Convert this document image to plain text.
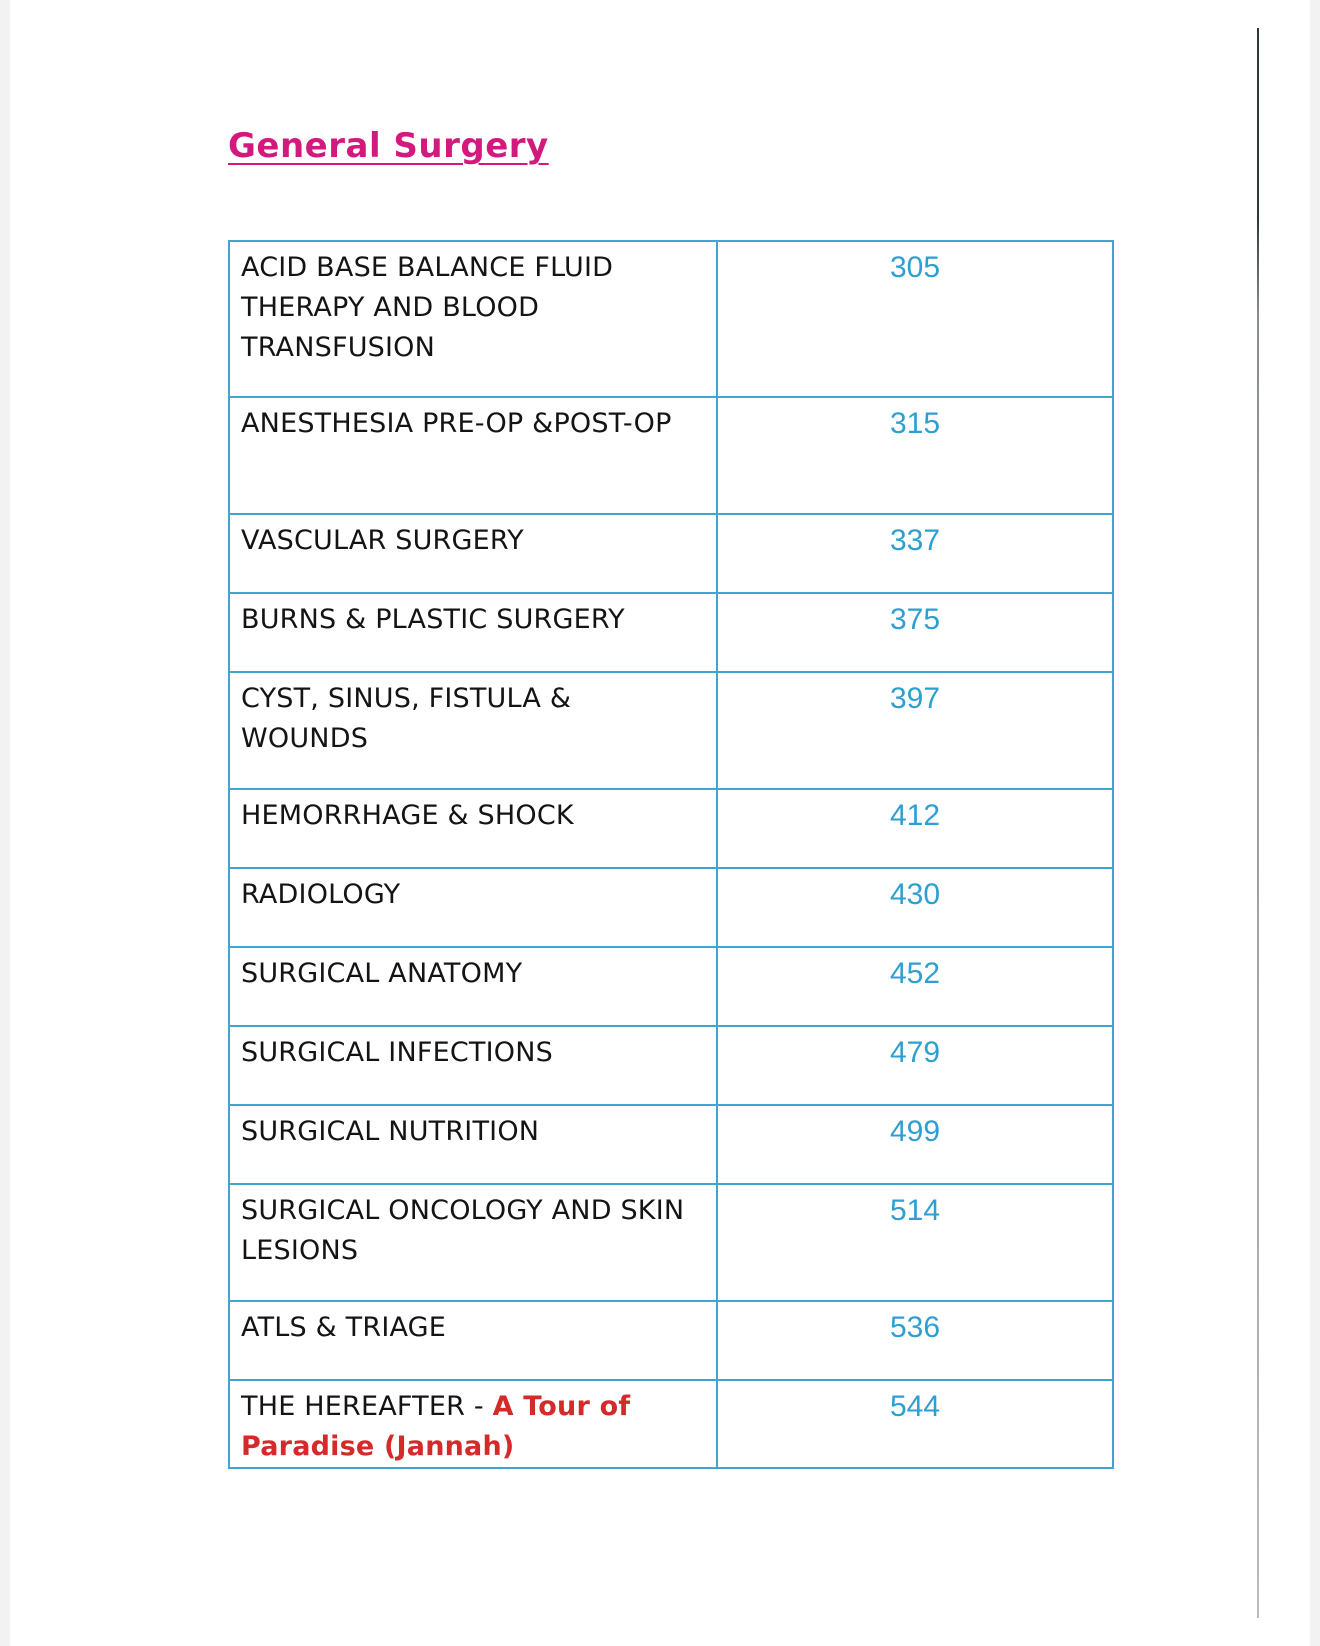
General Surgery
ACID BASE BALANCE FLUID THERAPY AND BLOOD TRANSFUSION	305
ANESTHESIA PRE-OP &POST-OP	315
VASCULAR SURGERY	337
BURNS & PLASTIC SURGERY	375
CYST, SINUS, FISTULA & WOUNDS	397
HEMORRHAGE & SHOCK	412
RADIOLOGY	430
SURGICAL ANATOMY	452
SURGICAL INFECTIONS	479
SURGICAL NUTRITION	499
SURGICAL ONCOLOGY AND SKIN LESIONS	514
ATLS & TRIAGE	536
THE HEREAFTER - A Tour of Paradise (Jannah)	544
